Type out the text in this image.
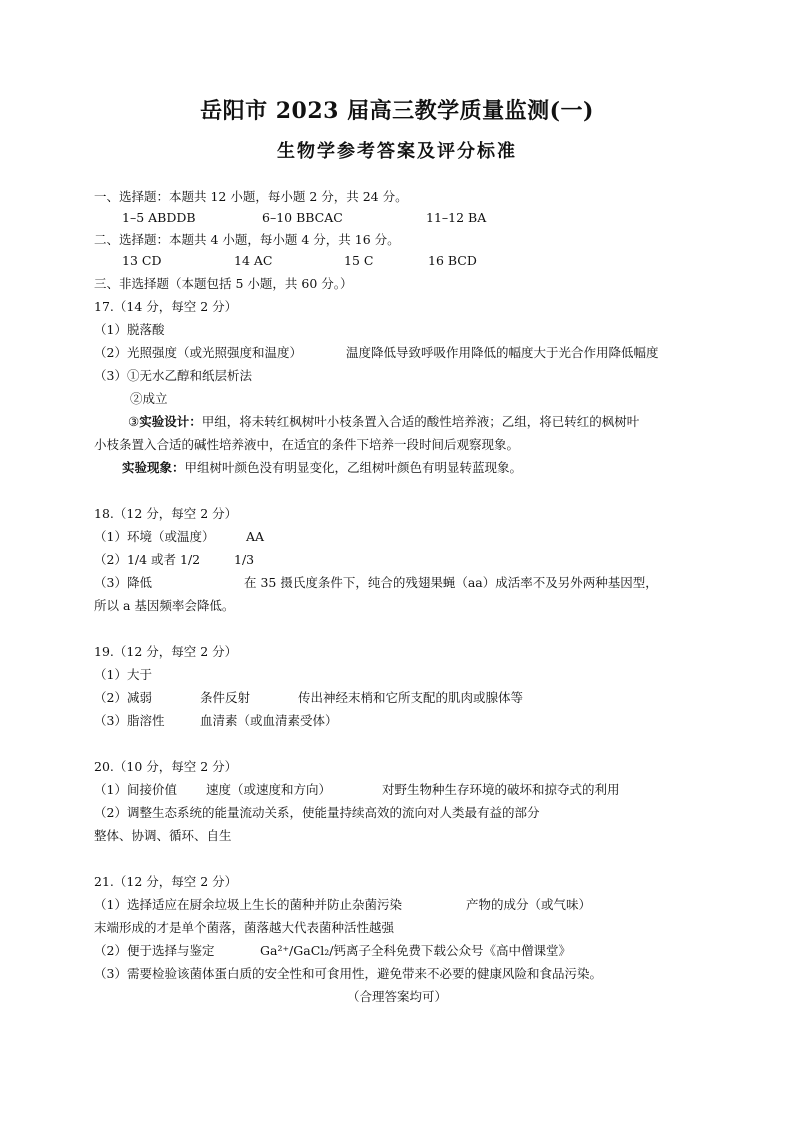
岳阳市 2023 届高三教学质量监测(一)
生物学参考答案及评分标准
一、选择题：本题共 12 小题，每小题 2 分，共 24 分。
1–5 ABDDB	6–10 BBCAC	11–12 BA
二、选择题：本题共 4 小题，每小题 4 分，共 16 分。
13 CD	14 AC	15 C	16 BCD
三、非选择题（本题包括 5 小题，共 60 分。）
17.（14 分，每空 2 分）
（1）脱落酸
（2）光照强度（或光照强度和温度）	温度降低导致呼吸作用降低的幅度大于光合作用降低幅度
（3）①无水乙醇和纸层析法
②成立
③实验设计：甲组，将未转红枫树叶小枝条置入合适的酸性培养液；乙组，将已转红的枫树叶
小枝条置入合适的碱性培养液中，在适宜的条件下培养一段时间后观察现象。
实验现象：甲组树叶颜色没有明显变化，乙组树叶颜色有明显转蓝现象。
18.（12 分，每空 2 分）
（1）环境（或温度）	AA
（2）1/4 或者 1/2	1/3
（3）降低	在 35 摄氏度条件下，纯合的残翅果蝇（aa）成活率不及另外两种基因型，
所以 a 基因频率会降低。
19.（12 分，每空 2 分）
（1）大于
（2）减弱	条件反射	传出神经末梢和它所支配的肌肉或腺体等
（3）脂溶性	血清素（或血清素受体）
20.（10 分，每空 2 分）
（1）间接价值 速度（或速度和方向）	对野生物种生存环境的破坏和掠夺式的利用
（2）调整生态系统的能量流动关系，使能量持续高效的流向对人类最有益的部分
整体、协调、循环、自生
21.（12 分，每空 2 分）
（1）选择适应在厨余垃圾上生长的菌种并防止杂菌污染	产物的成分（或气味）
末端形成的才是单个菌落，菌落越大代表菌种活性越强
（2）便于选择与鉴定	Ga²⁺/GaCl₂/钙离子全科免费下载公众号《高中僧课堂》
（3）需要检验该菌体蛋白质的安全性和可食用性，避免带来不必要的健康风险和食品污染。
（合理答案均可）
